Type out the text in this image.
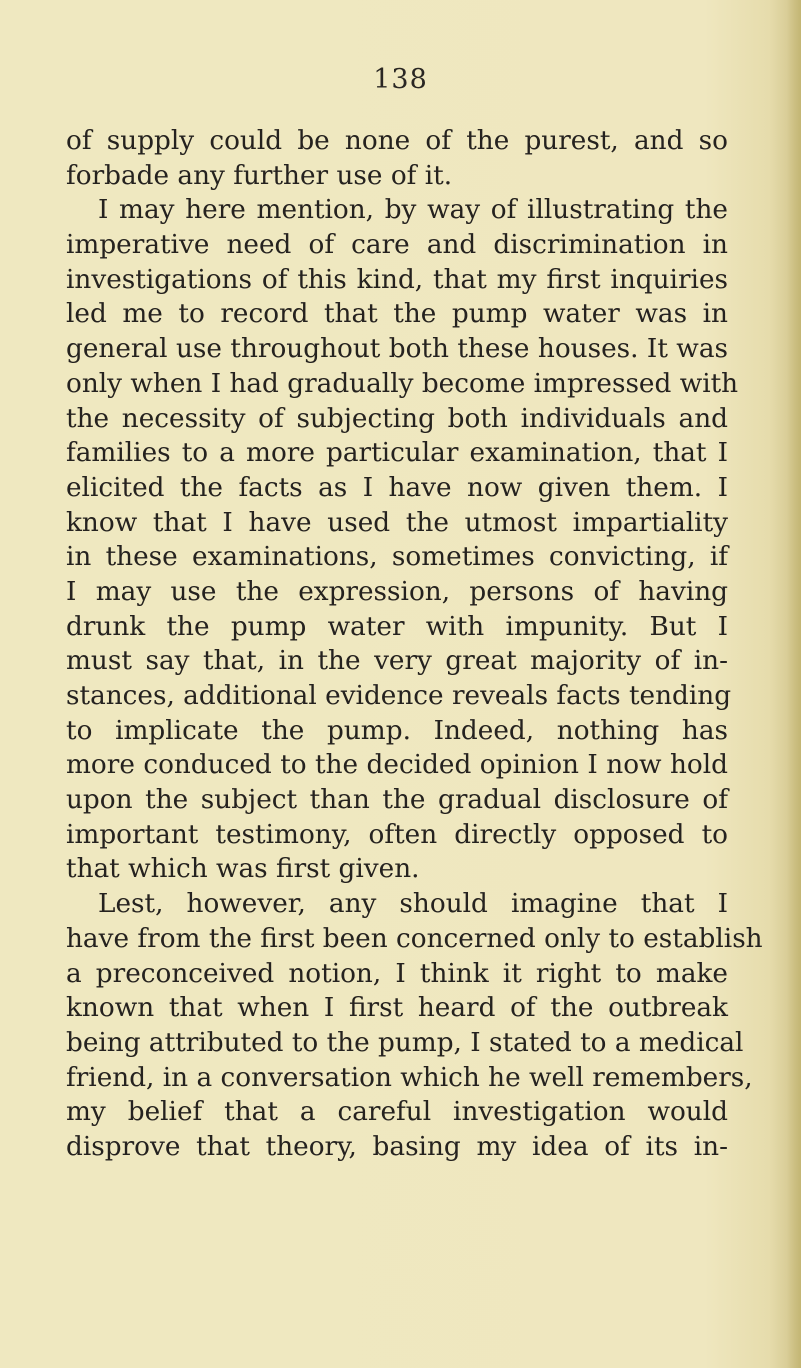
138
of supply could be none of the purest, and so
forbade any further use of it.
I may here mention, by way of illustrating the
imperative need of care and discrimination in
investigations of this kind, that my first inquiries
led me to record that the pump water was in
general use throughout both these houses. It was
only when I had gradually become impressed with
the necessity of subjecting both individuals and
families to a more particular examination, that I
elicited the facts as I have now given them. I
know that I have used the utmost impartiality
in these examinations, sometimes convicting, if
I may use the expression, persons of having
drunk the pump water with impunity. But I
must say that, in the very great majority of in-
stances, additional evidence reveals facts tending
to implicate the pump. Indeed, nothing has
more conduced to the decided opinion I now hold
upon the subject than the gradual disclosure of
important testimony, often directly opposed to
that which was first given.
Lest, however, any should imagine that I
have from the first been concerned only to establish
a preconceived notion, I think it right to make
known that when I first heard of the outbreak
being attributed to the pump, I stated to a medical
friend, in a conversation which he well remembers,
my belief that a careful investigation would
disprove that theory, basing my idea of its in-
